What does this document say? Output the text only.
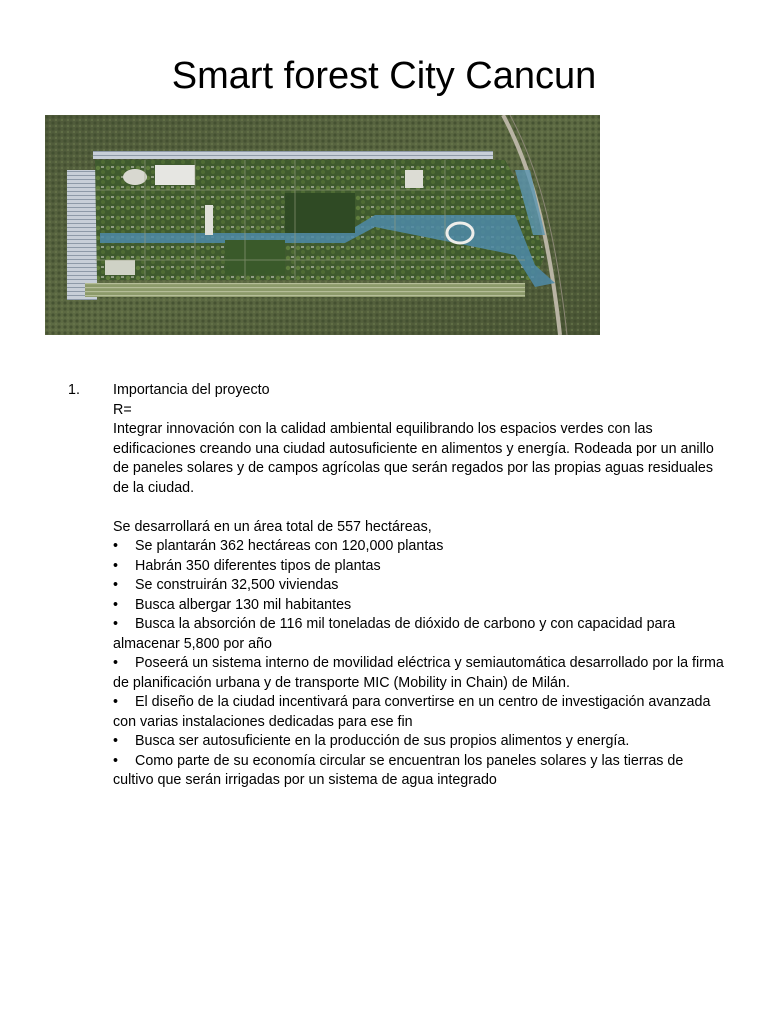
Smart forest City Cancun
1. Importancia del proyecto
R=

Integrar innovación con la calidad ambiental equilibrando los espacios verdes con las edificaciones creando una ciudad autosuficiente en alimentos y energía. Rodeada por un anillo de paneles solares y de campos agrícolas que serán regados por las propias aguas residuales de la ciudad.

Se desarrollará en un área total de 557 hectáreas,

• Se plantarán 362 hectáreas con 120,000 plantas
• Habrán 350 diferentes tipos de plantas
• Se construirán 32,500 viviendas
• Busca albergar 130 mil habitantes
• Busca la absorción de 116 mil toneladas de dióxido de carbono y con capacidad para almacenar 5,800 por año
• Poseerá un sistema interno de movilidad eléctrica y semiautomática desarrollado por la firma de planificación urbana y de transporte MIC (Mobility in Chain) de Milán.
• El diseño de la ciudad incentivará para convertirse en un centro de investigación avanzada con varias instalaciones dedicadas para ese fin
• Busca ser autosuficiente en la producción de sus propios alimentos y energía.
• Como parte de su economía circular se encuentran los paneles solares y las tierras de cultivo que serán irrigadas por un sistema de agua integrado
